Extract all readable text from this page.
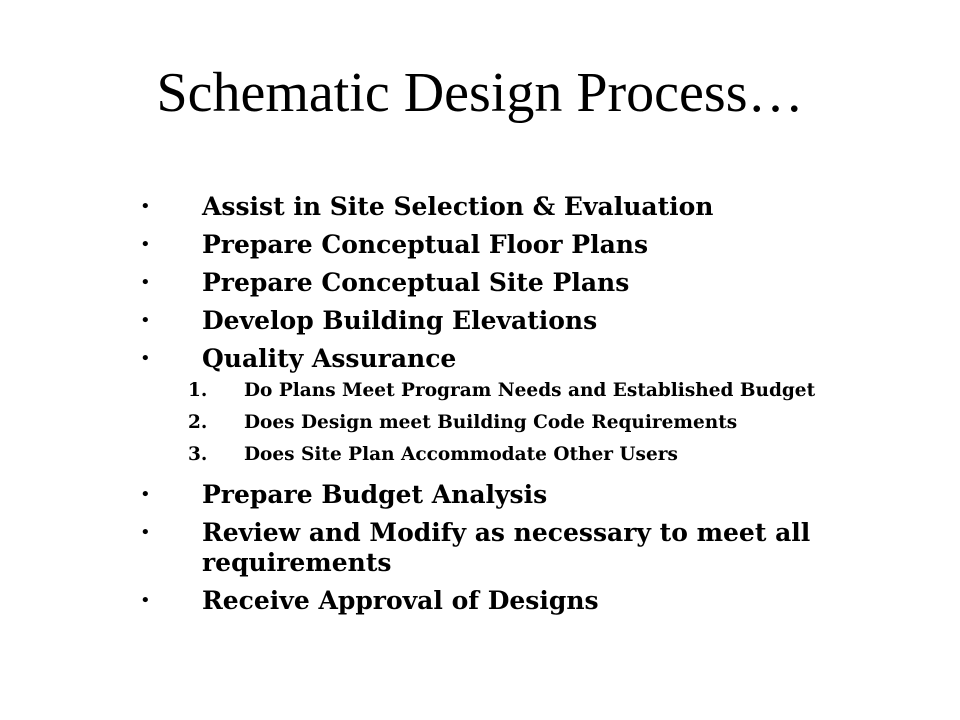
Schematic Design Process…
• Assist in Site Selection & Evaluation
• Prepare Conceptual Floor Plans
• Prepare Conceptual Site Plans
• Develop Building Elevations
• Quality Assurance
1. Do Plans Meet Program Needs and Established Budget
2. Does Design meet Building Code Requirements
3. Does Site Plan Accommodate Other Users
• Prepare Budget Analysis
• Review and Modify as necessary to meet all requirements
• Receive Approval of Designs
